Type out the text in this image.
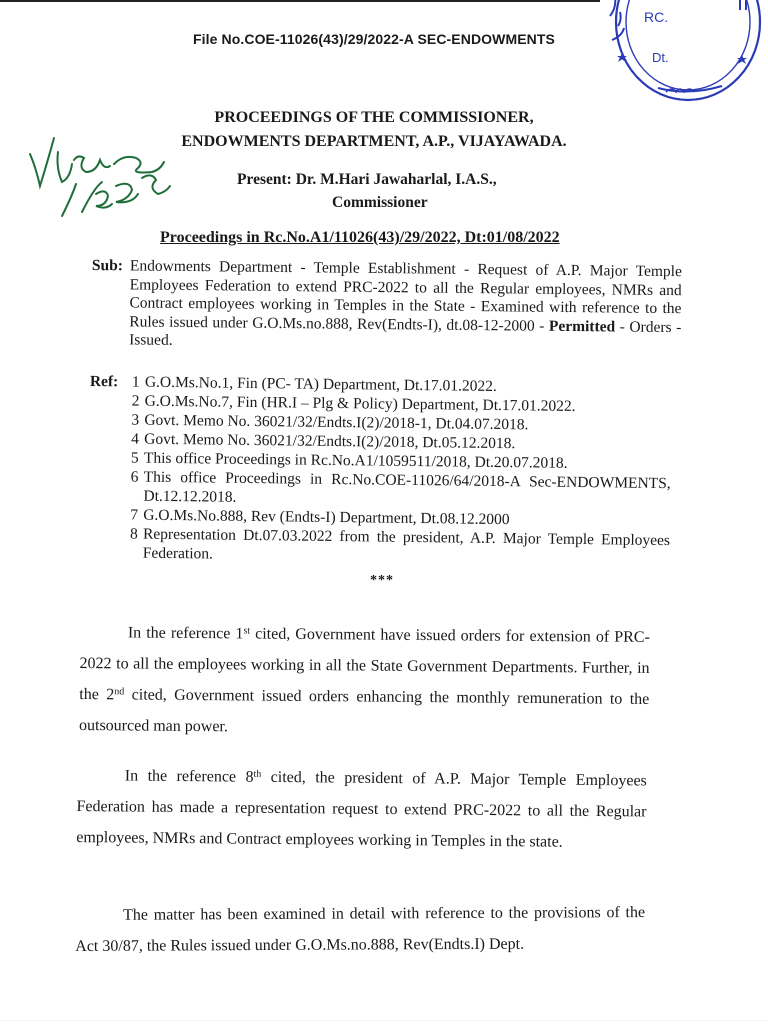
File No.COE-11026(43)/29/2022-A SEC-ENDOWMENTS
RC.
Dt.
PROCEEDINGS OF THE COMMISSIONER,
ENDOWMENTS DEPARTMENT, A.P., VIJAYAWADA.
Present: Dr. M.Hari Jawaharlal, I.A.S.,
Commissioner
Proceedings in Rc.No.A1/11026(43)/29/2022, Dt:01/08/2022
Sub: Endowments Department - Temple Establishment - Request of A.P. Major Temple Employees Federation to extend PRC-2022 to all the Regular employees, NMRs and Contract employees working in Temples in the State - Examined with reference to the Rules issued under G.O.Ms.no.888, Rev(Endts-I), dt.08-12-2000 - Permitted - Orders - Issued.
Ref: 1 G.O.Ms.No.1, Fin (PC- TA) Department, Dt.17.01.2022.
2 G.O.Ms.No.7, Fin (HR.I – Plg & Policy) Department, Dt.17.01.2022.
3 Govt. Memo No. 36021/32/Endts.I(2)/2018-1, Dt.04.07.2018.
4 Govt. Memo No. 36021/32/Endts.I(2)/2018, Dt.05.12.2018.
5 This office Proceedings in Rc.No.A1/1059511/2018, Dt.20.07.2018.
6 This office Proceedings in Rc.No.COE-11026/64/2018-A Sec-ENDOWMENTS, Dt.12.12.2018.
7 G.O.Ms.No.888, Rev (Endts-I) Department, Dt.08.12.2000
8 Representation Dt.07.03.2022 from the president, A.P. Major Temple Employees Federation.
***
In the reference 1st cited, Government have issued orders for extension of PRC-2022 to all the employees working in all the State Government Departments. Further, in the 2nd cited, Government issued orders enhancing the monthly remuneration to the outsourced man power.
In the reference 8th cited, the president of A.P. Major Temple Employees Federation has made a representation request to extend PRC-2022 to all the Regular employees, NMRs and Contract employees working in Temples in the state.
The matter has been examined in detail with reference to the provisions of the Act 30/87, the Rules issued under G.O.Ms.no.888, Rev(Endts.I) Dept.
